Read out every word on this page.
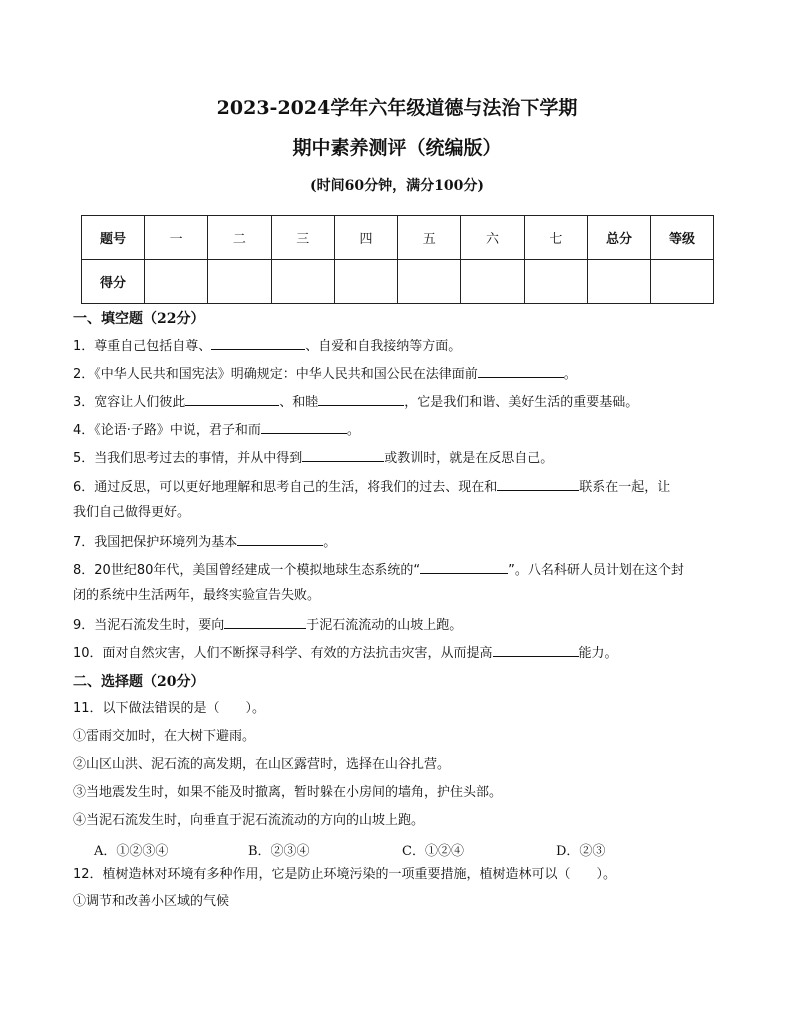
2023-2024学年六年级道德与法治下学期
期中素养测评（统编版）
(时间60分钟，满分100分)
题号	一	二	三	四	五	六	七	总分	等级
得分									
一、填空题（22分）
1．尊重自己包括自尊、	、自爱和自我接纳等方面。
2．《中华人民共和国宪法》明确规定：中华人民共和国公民在法律面前	。
3．宽容让人们彼此	、和睦	，它是我们和谐、美好生活的重要基础。
4．《论语·子路》中说，君子和而	。
5．当我们思考过去的事情，并从中得到	或教训时，就是在反思自己。
6．通过反思，可以更好地理解和思考自己的生活，将我们的过去、现在和	联系在一起，让
我们自己做得更好。
7．我国把保护环境列为基本	。
8．20世纪80年代，美国曾经建成一个模拟地球生态系统的“	”。八名科研人员计划在这个封
闭的系统中生活两年，最终实验宣告失败。
9．当泥石流发生时，要向	于泥石流流动的山坡上跑。
10．面对自然灾害，人们不断探寻科学、有效的方法抗击灾害，从而提高	能力。
二、选择题（20分）
11．以下做法错误的是（　　）。
①雷雨交加时，在大树下避雨。
②山区山洪、泥石流的高发期，在山区露营时，选择在山谷扎营。
③当地震发生时，如果不能及时撤离，暂时躲在小房间的墙角，护住头部。
④当泥石流发生时，向垂直于泥石流流动的方向的山坡上跑。
A．①②③④	B．②③④	C．①②④	D．②③
12．植树造林对环境有多种作用，它是防止环境污染的一项重要措施，植树造林可以（　　）。
①调节和改善小区域的气候
